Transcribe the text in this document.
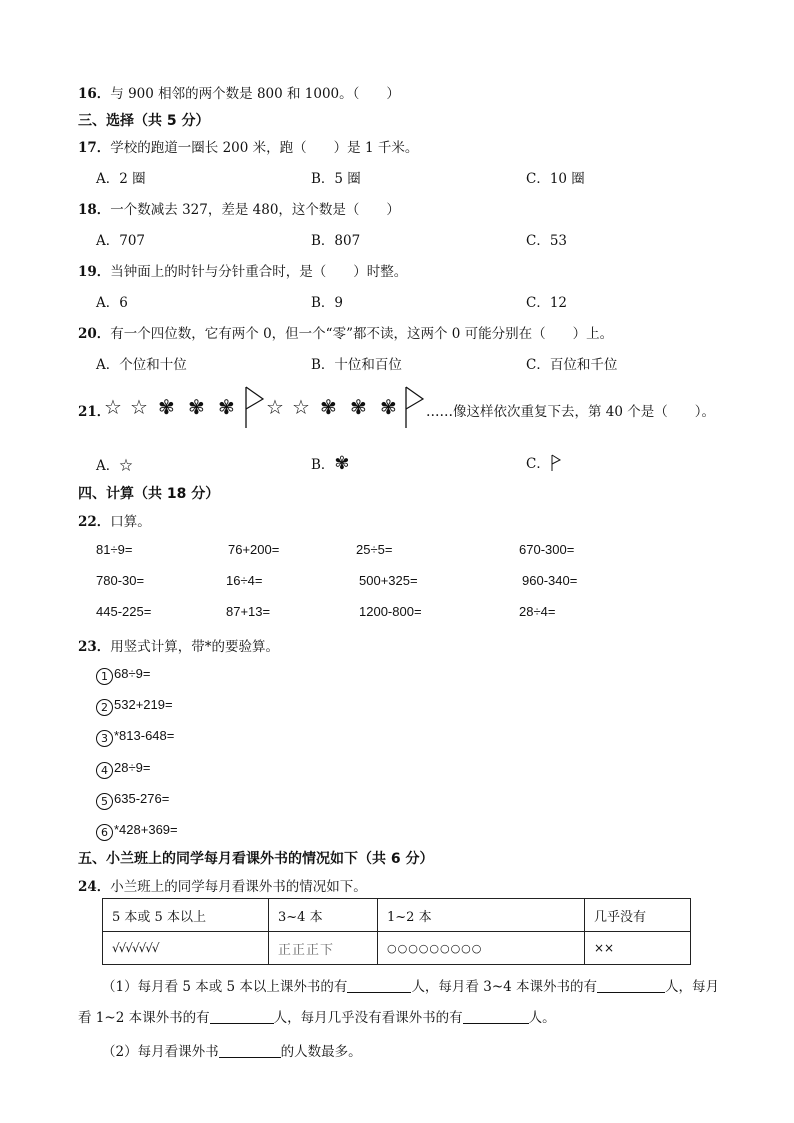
16．与 900 相邻的两个数是 800 和 1000。（　　）
三、选择（共 5 分）
17．学校的跑道一圈长 200 米，跑（　　）是 1 千米。
A．2 圈	B．5 圈	C．10 圈
18．一个数减去 327，差是 480，这个数是（　　）
A．707	B．807	C．53
19．当钟面上的时针与分针重合时，是（　　）时整。
A．6	B．9	C．12
20．有一个四位数，它有两个 0，但一个“零”都不读，这两个 0 可能分别在（　　）上。
A．个位和十位	B．十位和百位	C．百位和千位
21．
☆ ☆ ✾ ✾ ✾ ☆ ☆ ✾ ✾ ✾ ……像这样依次重复下去，第 40 个是（　　）。
A．☆	B．✾	C．
四、计算（共 18 分）
22．口算。
81÷9=	76+200=	25÷5=	670-300=
780-30=	16÷4=	500+325=	960-340=
445-225=	87+13=	1200-800=	28÷4=
23．用竖式计算，带*的要验算。
1 68÷9=
2 532+219=
3 *813-648=
4 28÷9=
5 635-276=
6 *428+369=
五、小兰班上的同学每月看课外书的情况如下（共 6 分）
24．小兰班上的同学每月看课外书的情况如下。
5 本或 5 本以上	3~4 本	1~2 本	几乎没有
√√√√√√√	正正正下	○○○○○○○○○	××
（1）每月看 5 本或 5 本以上课外书的有	人，每月看 3~4 本课外书的有	人，每月
看 1~2 本课外书的有	人，每月几乎没有看课外书的有	人。
（2）每月看课外书	的人数最多。
